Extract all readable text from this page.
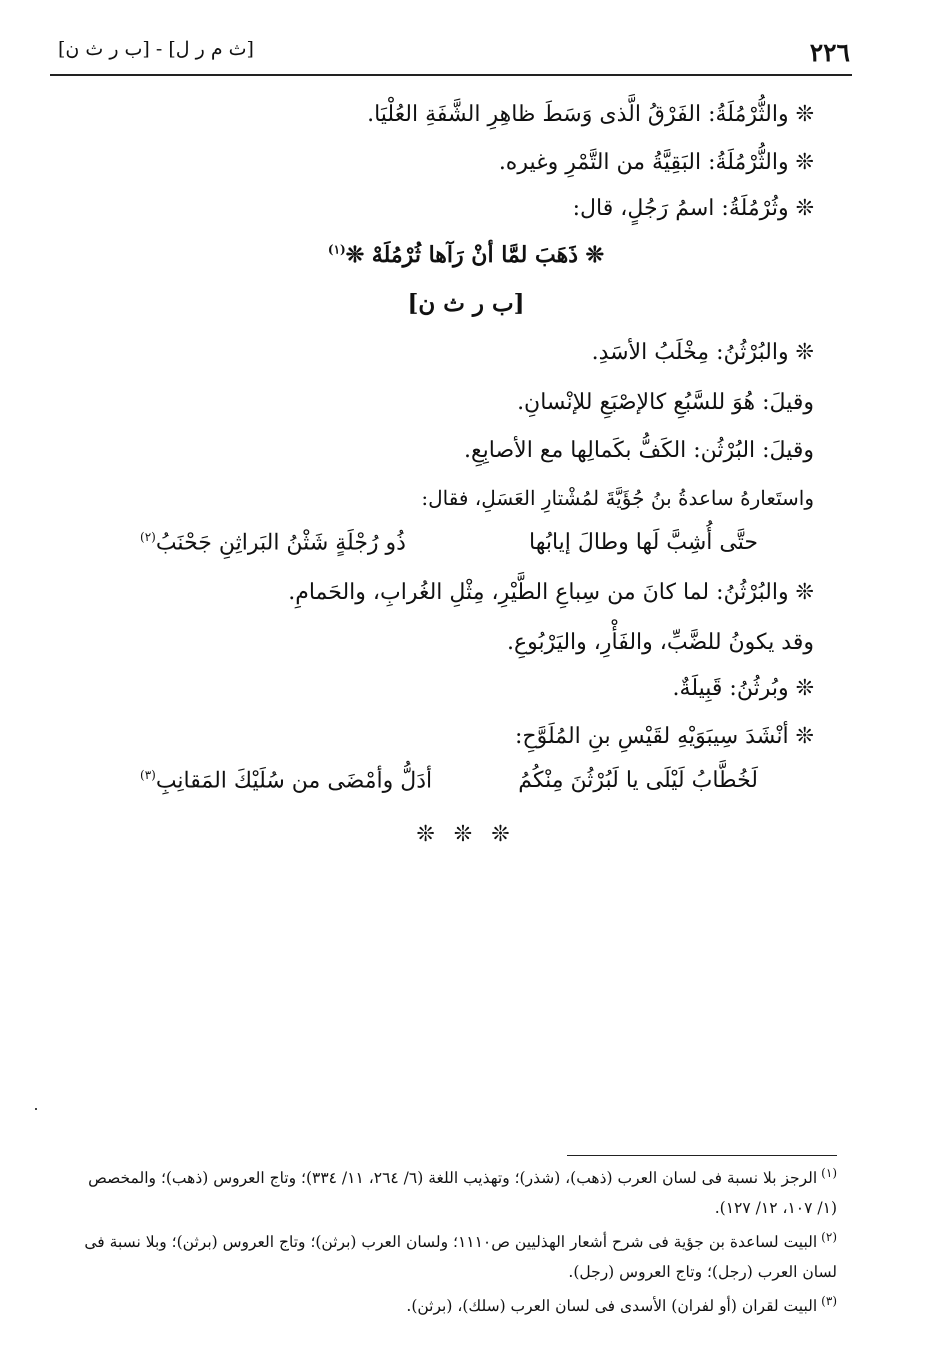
٢٢٦
[ث م ر ل] - [ب ر ث ن]
❊ والثُّرْمُلَةُ: الفَرْقُ الَّذى وَسَطَ ظاهِرِ الشَّفَةِ العُلْيَا.
❊ والثُّرْمُلَةُ: البَقِيَّةُ من التَّمْرِ وغيره.
❊ وثُرْمُلَةُ: اسمُ رَجُلٍ، قال:
❊ ذَهَبَ لمَّا أنْ رَآها ثُرْمُلَهْ ❊$^{(١)}$
[ب ر ث ن]
❊ والبُرْثُنُ: مِخْلَبُ الأسَدِ.
وقيلَ: هُوَ للسَّبُعِ كالإصْبَعِ للإنْسانِ.
وقيلَ: البُرْثُن: الكَفُّ بكَمالِها مع الأصابِعِ.
واستَعارهُ ساعدةُ بنُ جُؤَيَّةَ لمُشْتارِ العَسَلِ، فقال:
حتَّى أُشِبَّ لَها وطالَ إيابُها
ذُو رُجْلَةٍ شَثْنُ البَراثِنِ جَحْنَبُ$^{(٢)}$
❊ والبُرْثُنُ: لما كانَ من سِباعِ الطَّيْرِ، مِثْلِ الغُرابِ، والحَمامِ.
وقد يكونُ للضَّبِّ، والفَأْرِ، واليَرْبُوعِ.
❊ وبُرثُنُ: قَبِيلَةٌ.
❊ أنْشَدَ سِيبَوَيْهِ لقَيْسِ بنِ المُلَوَّحِ:
لَخُطَّابُ لَيْلَى يا لَبُرْثُنَ مِنْكُمُ
أدَلُّ وأمْضَى من سُلَيْكَ المَقانِبِ$^{(٣)}$
❊ ❊ ❊
$^{(١)}$الرجز بلا نسبة فى لسان العرب (ذهب)، (شذر)؛ وتهذيب اللغة (٦/ ٢٦٤، ١١/ ٣٣٤)؛ وتاج العروس (ذهب)؛ والمخصص (١/ ١٠٧، ١٢/ ١٢٧).
$^{(٢)}$البيت لساعدة بن جؤية فى شرح أشعار الهذليين ص١١١٠؛ ولسان العرب (برثن)؛ وتاج العروس (برثن)؛ وبلا نسبة فى لسان العرب (رجل)؛ وتاج العروس (رجل).
$^{(٣)}$البيت لقران (أو لفران) الأسدى فى لسان العرب (سلك)، (برثن).
